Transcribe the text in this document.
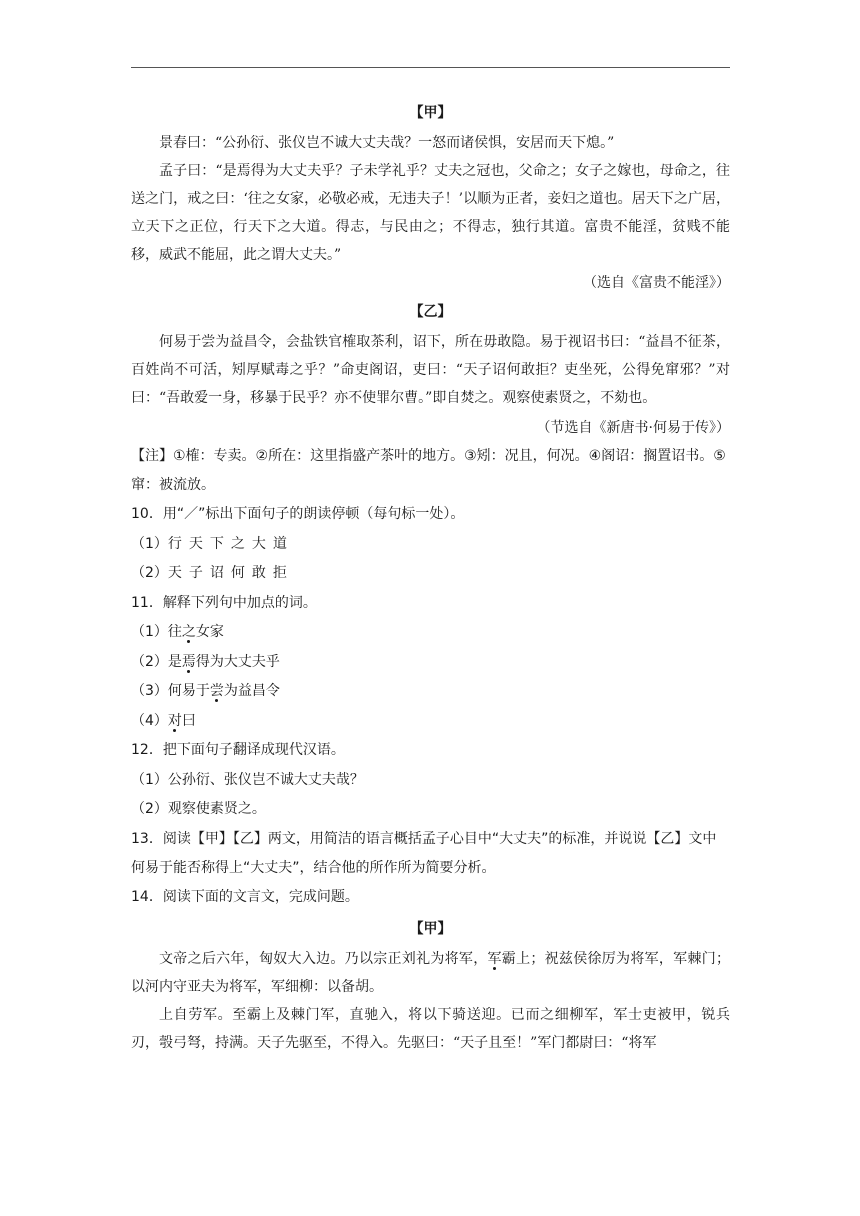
【甲】

景春曰：“公孙衍、张仪岂不诚大丈夫哉？一怒而诸侯惧，安居而天下熄。”

孟子曰：“是焉得为大丈夫乎？子未学礼乎？丈夫之冠也，父命之；女子之嫁也，母命之，往送之门，戒之曰：‘往之女家，必敬必戒，无违夫子！’以顺为正者，妾妇之道也。居天下之广居，立天下之正位，行天下之大道。得志，与民由之；不得志，独行其道。富贵不能淫，贫贱不能移，威武不能屈，此之谓大丈夫。”

（选自《富贵不能淫》）

【乙】

何易于尝为益昌令，会盐铁官榷取茶利，诏下，所在毋敢隐。易于视诏书曰：“益昌不征茶，百姓尚不可活，矧厚赋毒之乎？”命吏阁诏，吏曰：“天子诏何敢拒？吏坐死，公得免窜邪？”对曰：“吾敢爱一身，移暴于民乎？亦不使罪尔曹。”即自焚之。观察使素贤之，不劾也。

（节选自《新唐书·何易于传》）

【注】①榷：专卖。②所在：这里指盛产茶叶的地方。③矧：况且，何况。④阁诏：搁置诏书。⑤窜：被流放。

10．用“／”标出下面句子的朗读停顿（每句标一处）。

（1）行天下之大道

（2）天子诏何敢拒

11．解释下列句中加点的词。

（1）往之女家

（2）是焉得为大丈夫乎

（3）何易于尝为益昌令

（4）对曰

12．把下面句子翻译成现代汉语。

（1）公孙衍、张仪岂不诚大丈夫哉？

（2）观察使素贤之。

13．阅读【甲】【乙】两文，用简洁的语言概括孟子心目中“大丈夫”的标准，并说说【乙】文中何易于能否称得上“大丈夫”，结合他的所作所为简要分析。

14．阅读下面的文言文，完成问题。

【甲】

文帝之后六年，匈奴大入边。乃以宗正刘礼为将军，军霸上；祝兹侯徐厉为将军，军棘门；以河内守亚夫为将军，军细柳：以备胡。

上自劳军。至霸上及棘门军，直驰入，将以下骑送迎。已而之细柳军，军士吏被甲，锐兵刃，彀弓弩，持满。天子先驱至，不得入。先驱曰：“天子且至！”军门都尉曰：“将军
